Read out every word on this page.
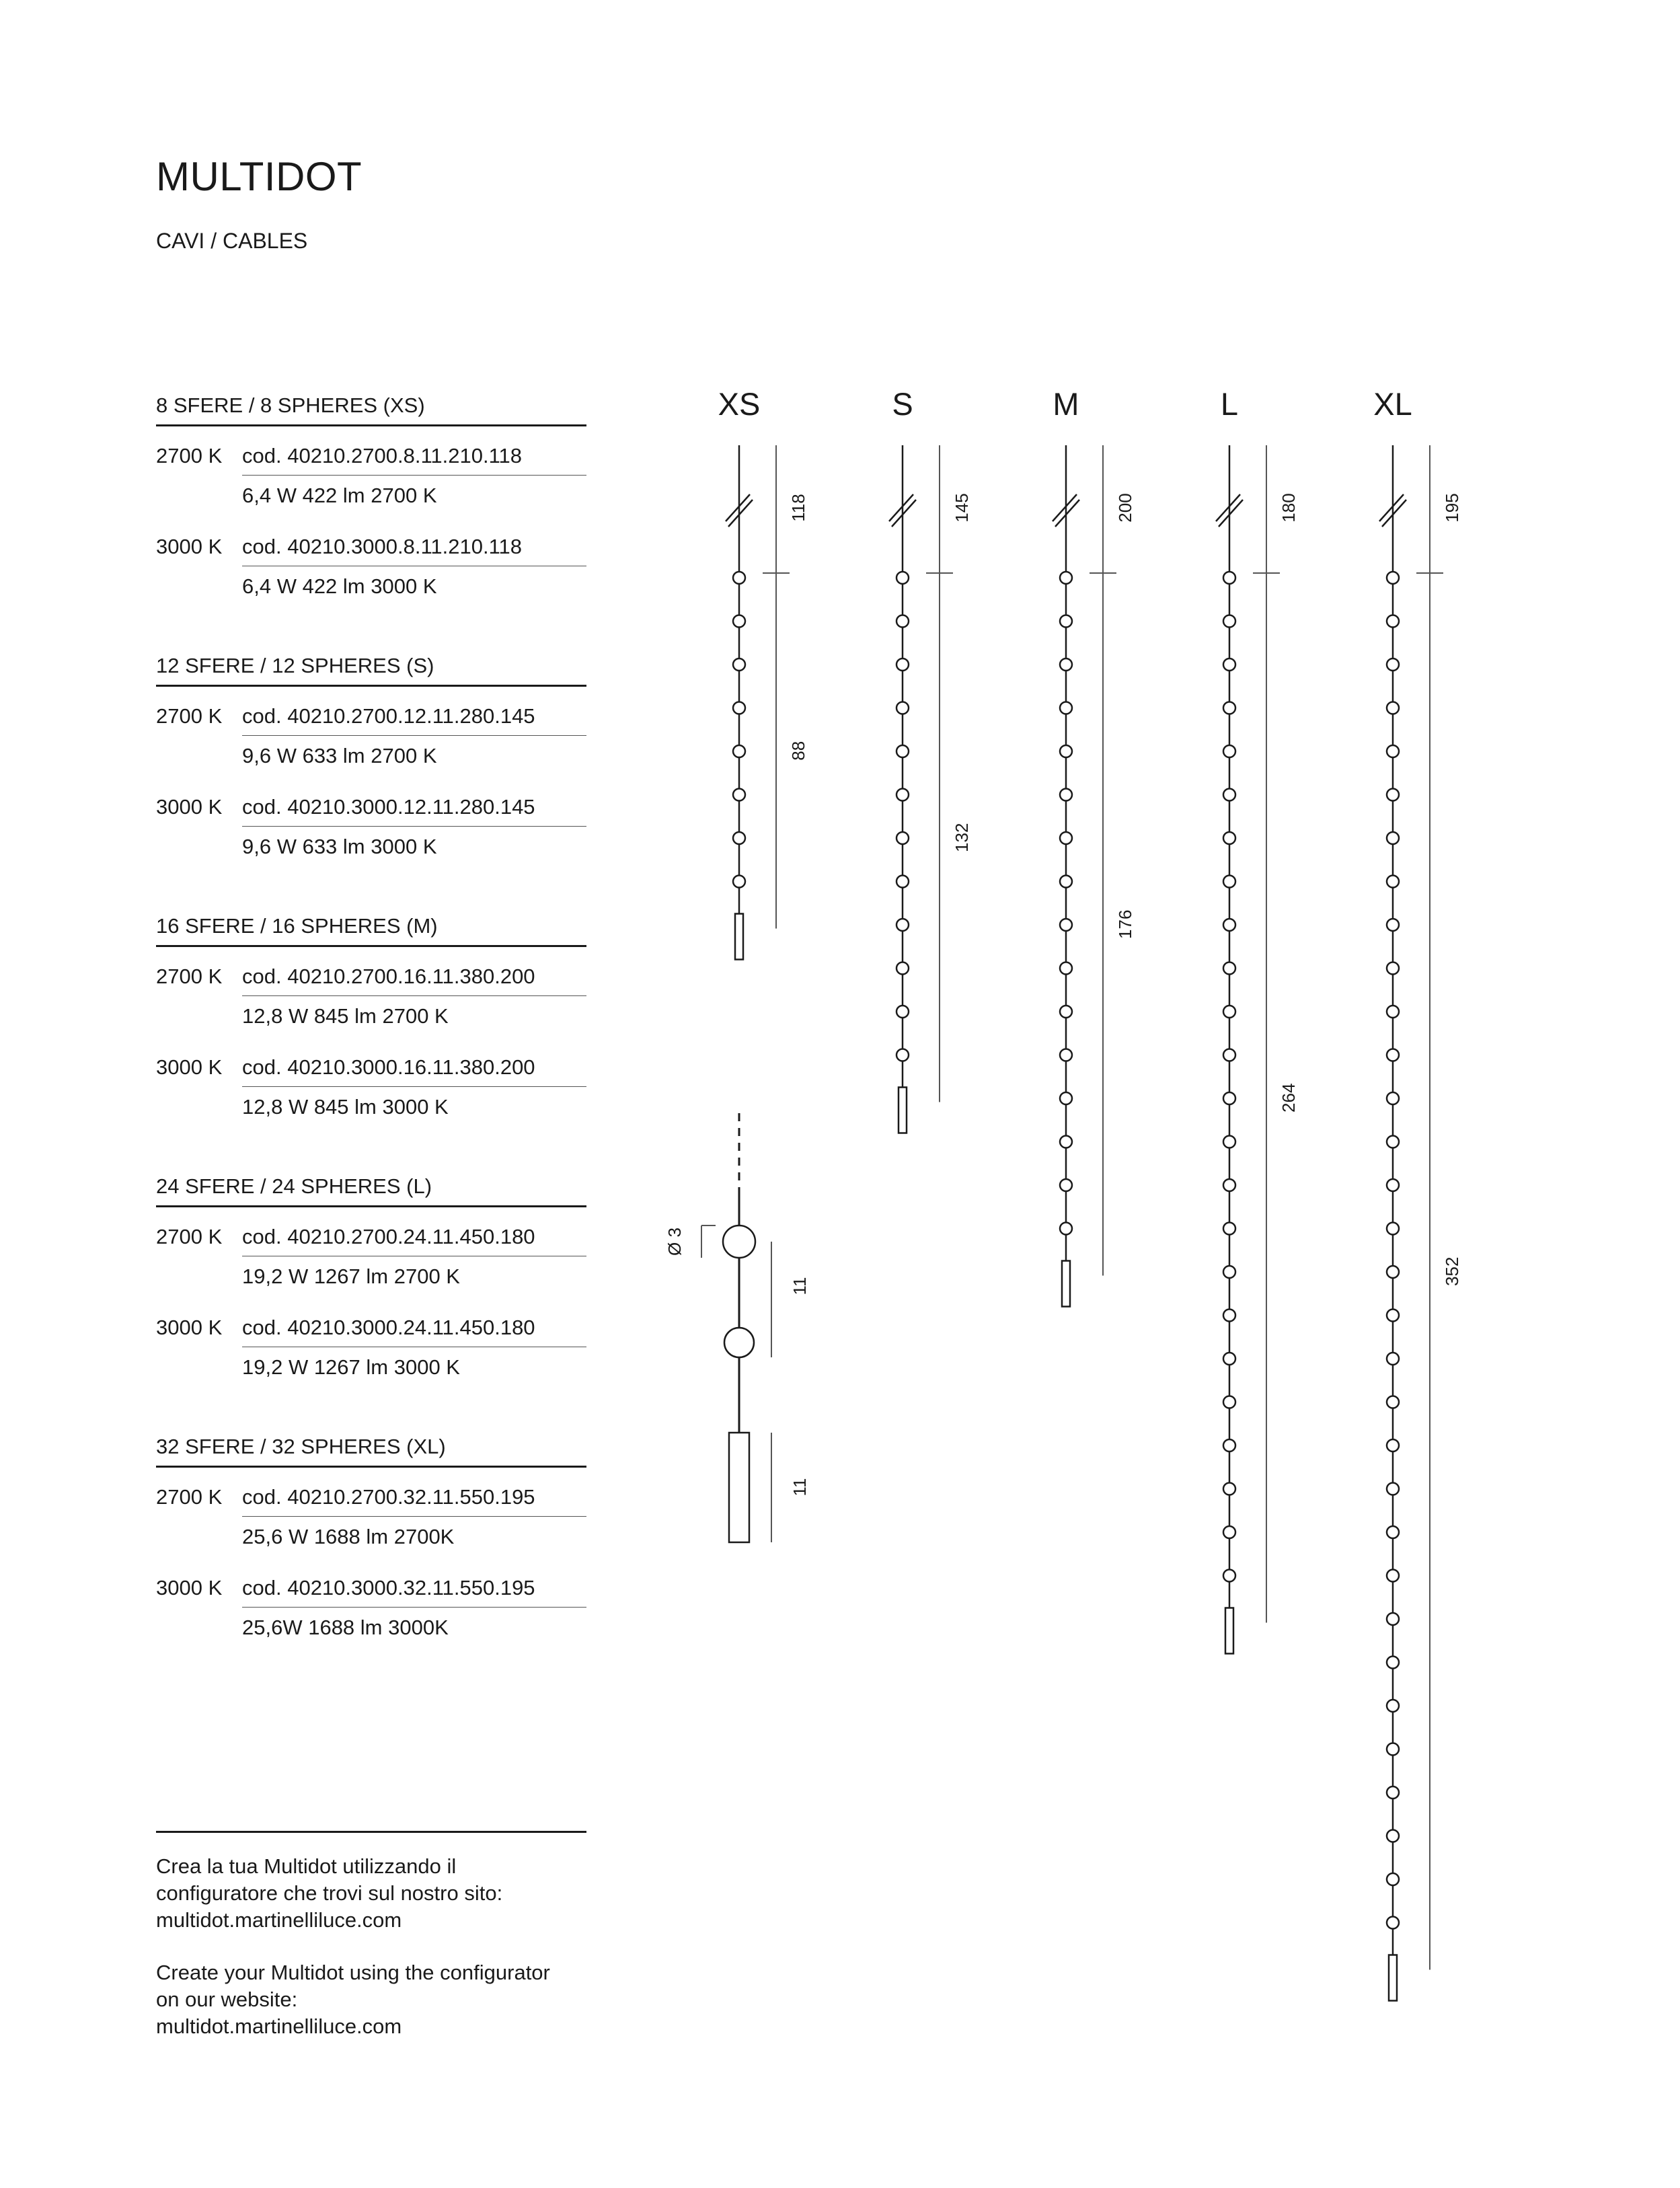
MULTIDOT
CAVI / CABLES
8 SFERE / 8 SPHERES (XS)
2700 K cod. 40210.2700.8.11.210.118
6,4 W 422 lm 2700 K
3000 K cod. 40210.3000.8.11.210.118
6,4 W 422 lm 3000 K
12 SFERE / 12 SPHERES (S)
2700 K cod. 40210.2700.12.11.280.145
9,6 W 633 lm 2700 K
3000 K cod. 40210.3000.12.11.280.145
9,6 W 633 lm 3000 K
16 SFERE / 16 SPHERES (M)
2700 K cod. 40210.2700.16.11.380.200
12,8 W 845 lm 2700 K
3000 K cod. 40210.3000.16.11.380.200
12,8 W 845 lm 3000 K
24 SFERE / 24 SPHERES (L)
2700 K cod. 40210.2700.24.11.450.180
19,2 W 1267 lm 2700 K
3000 K cod. 40210.3000.24.11.450.180
19,2 W 1267 lm 3000 K
32 SFERE / 32 SPHERES (XL)
2700 K cod. 40210.2700.32.11.550.195
25,6 W 1688 lm 2700K
3000 K cod. 40210.3000.32.11.550.195
25,6W 1688 lm 3000K

Crea la tua Multidot utilizzando il
configuratore che trovi sul nostro sito:
multidot.martinelliluce.com

Create your Multidot using the configurator
on our website:
multidot.martinelliluce.com

XS
118
88
S
145
132
M
200
176
L
180
264
XL
195
352
Ø 3
11
11
